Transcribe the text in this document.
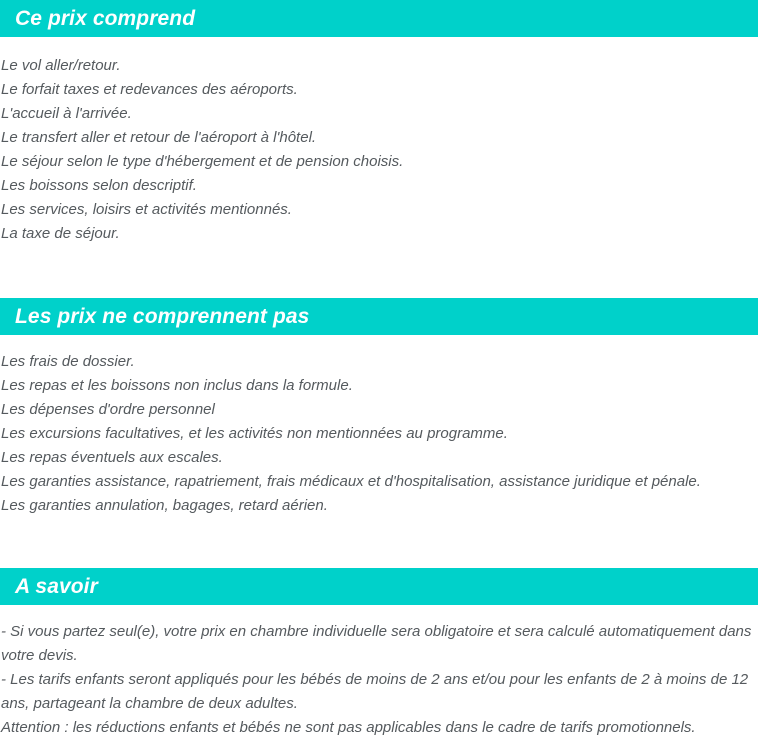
Ce prix comprend
Le vol aller/retour.
Le forfait taxes et redevances des aéroports.
L'accueil à l'arrivée.
Le transfert aller et retour de l'aéroport à l'hôtel.
Le séjour selon le type d'hébergement et de pension choisis.
Les boissons selon descriptif.
Les services, loisirs et activités mentionnés.
La taxe de séjour.
Les prix ne comprennent pas
Les frais de dossier.
Les repas et les boissons non inclus dans la formule.
Les dépenses d'ordre personnel
Les excursions facultatives, et les activités non mentionnées au programme.
Les repas éventuels aux escales.
Les garanties assistance, rapatriement, frais médicaux et d'hospitalisation, assistance juridique et pénale.
Les garanties annulation, bagages, retard aérien.
A savoir
- Si vous partez seul(e), votre prix en chambre individuelle sera obligatoire et sera calculé automatiquement dans votre devis.
- Les tarifs enfants seront appliqués pour les bébés de moins de 2 ans et/ou pour les enfants de 2 à moins de 12 ans, partageant la chambre de deux adultes.
Attention : les réductions enfants et bébés ne sont pas applicables dans le cadre de tarifs promotionnels.
